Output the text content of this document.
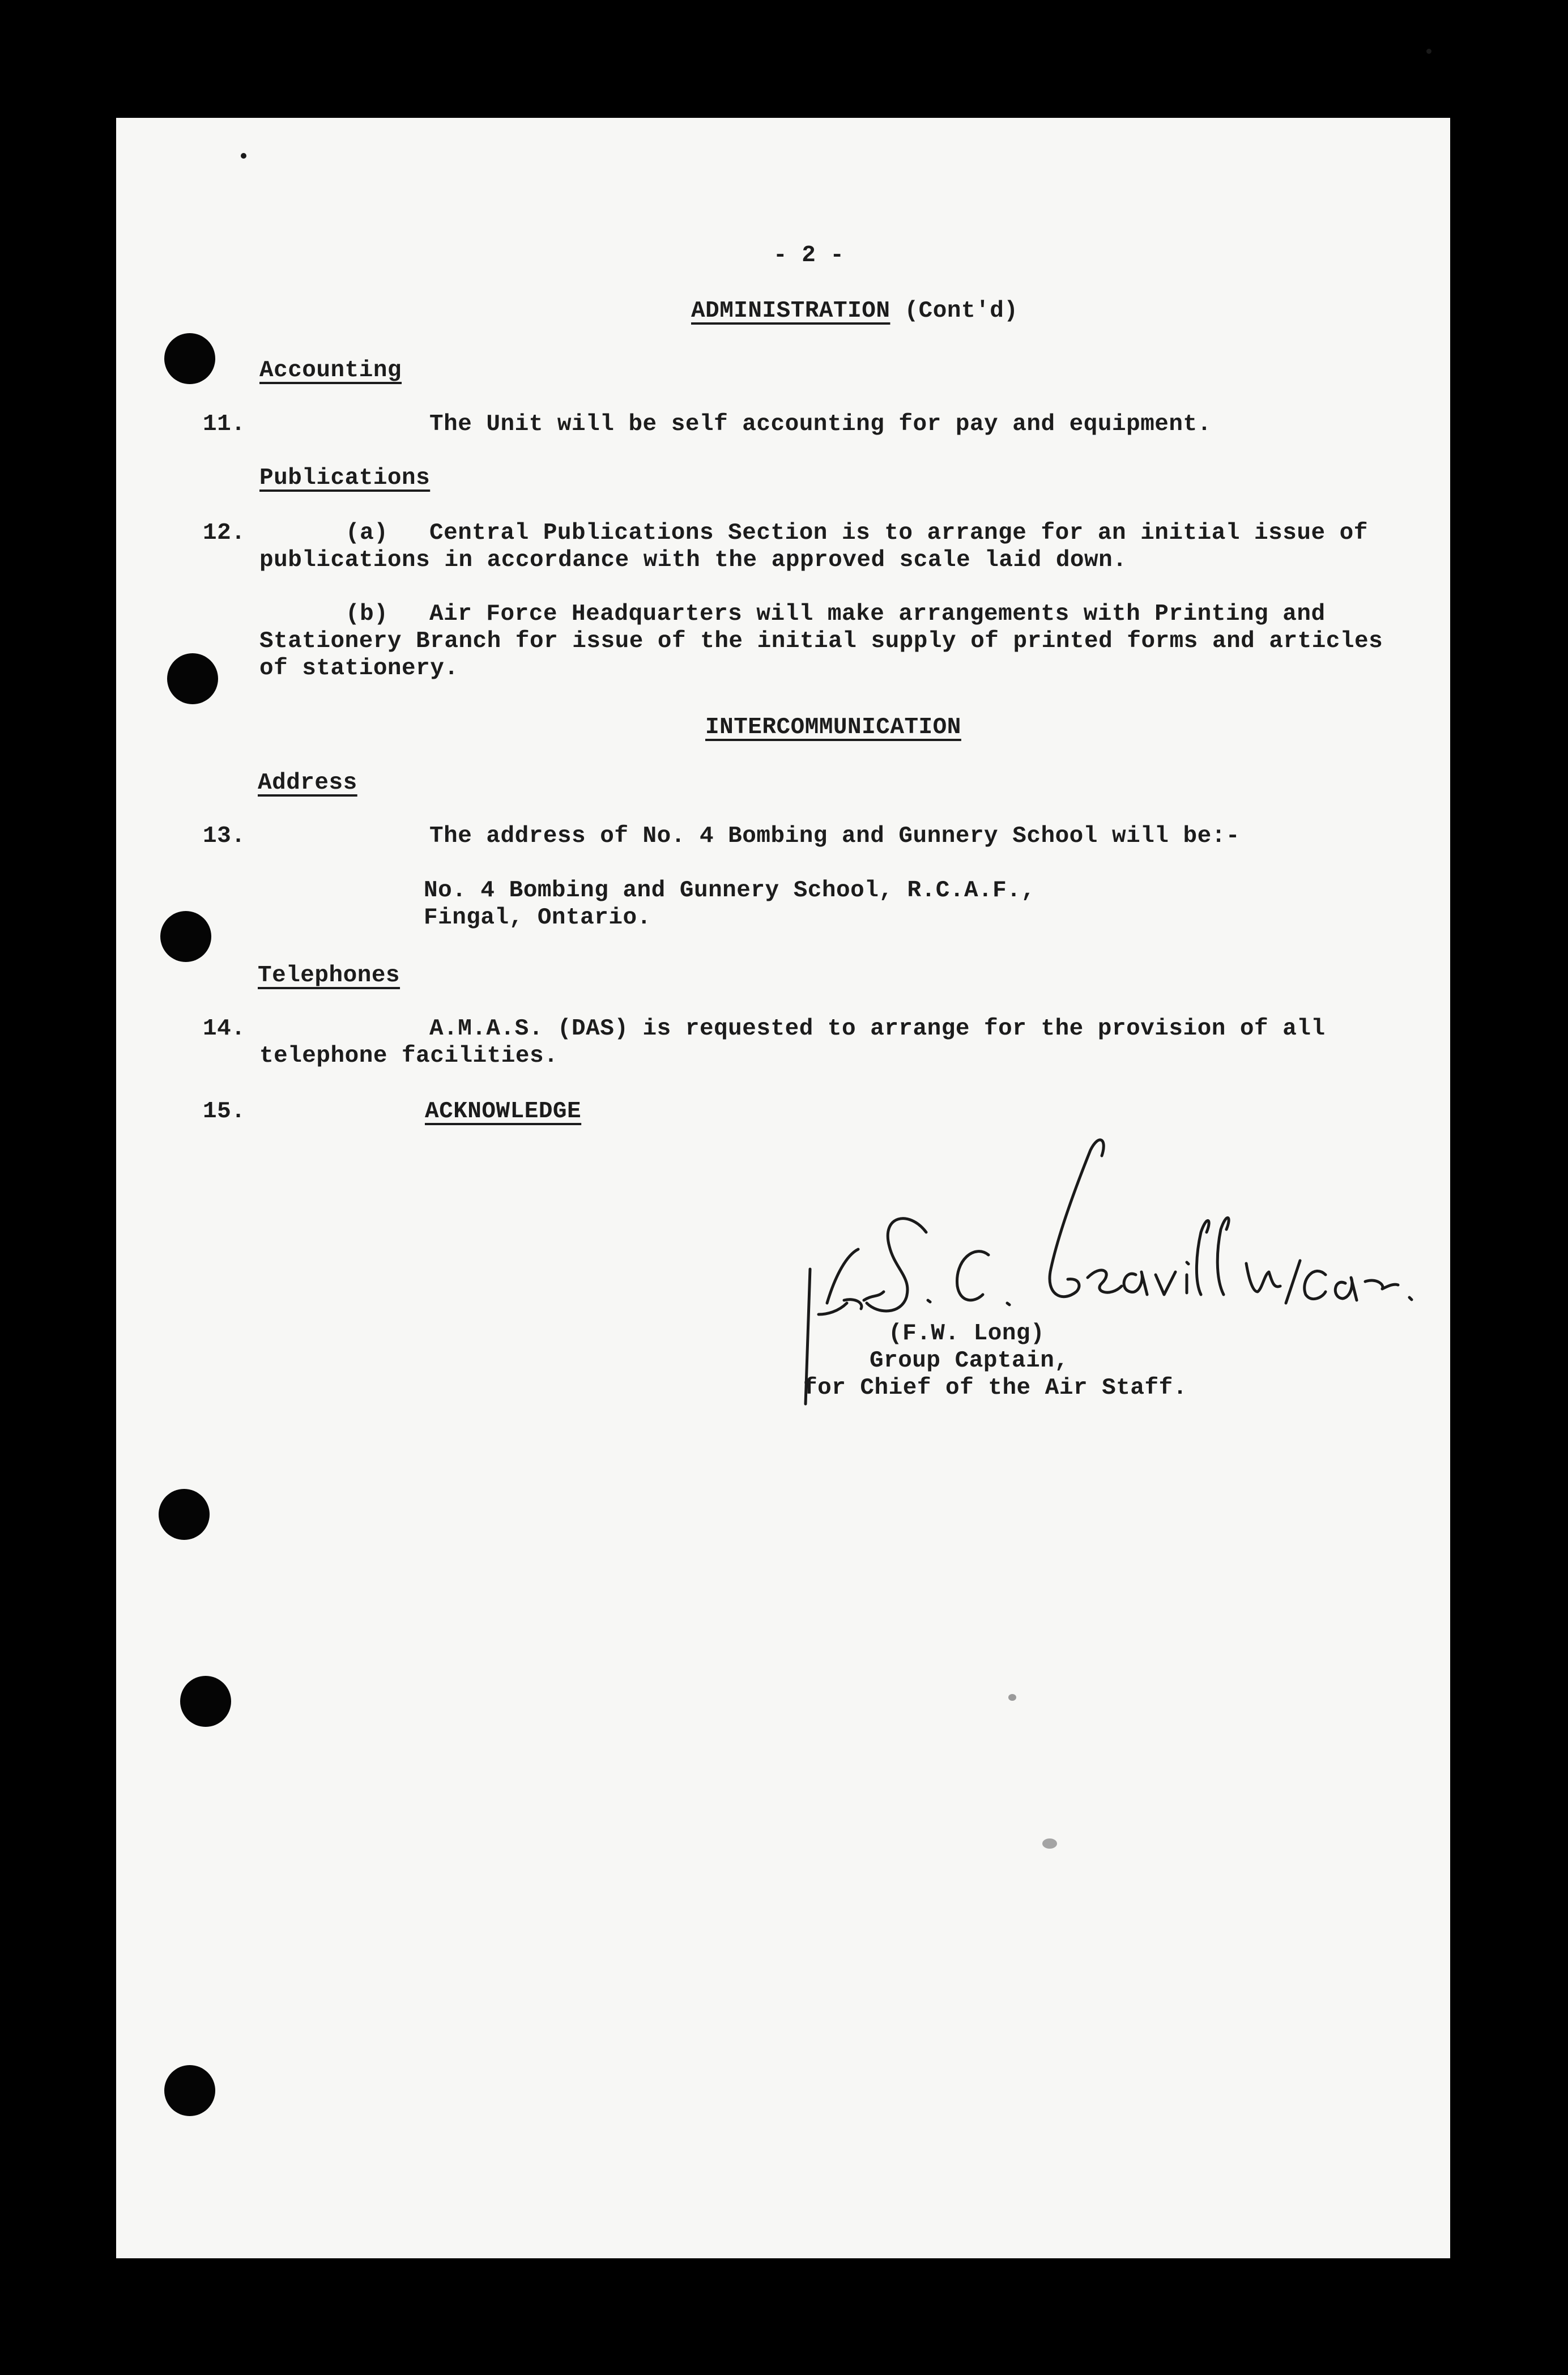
- 2 -

ADMINISTRATION (Cont'd)

Accounting

11.	The Unit will be self accounting for pay and equipment.

Publications

12.	(a) Central Publications Section is to arrange for an initial issue of

publications in accordance with the approved scale laid down.

(b) Air Force Headquarters will make arrangements with Printing and

Stationery Branch for issue of the initial supply of printed forms and articles

of stationery.

INTERCOMMUNICATION

Address

13.	The address of No. 4 Bombing and Gunnery School will be:-

No. 4 Bombing and Gunnery School, R.C.A.F.,

Fingal, Ontario.

Telephones

14.	A.M.A.S. (DAS) is requested to arrange for the provision of all

telephone facilities.

15.	ACKNOWLEDGE

(F.W. Long)

Group Captain,

for Chief of the Air Staff.
